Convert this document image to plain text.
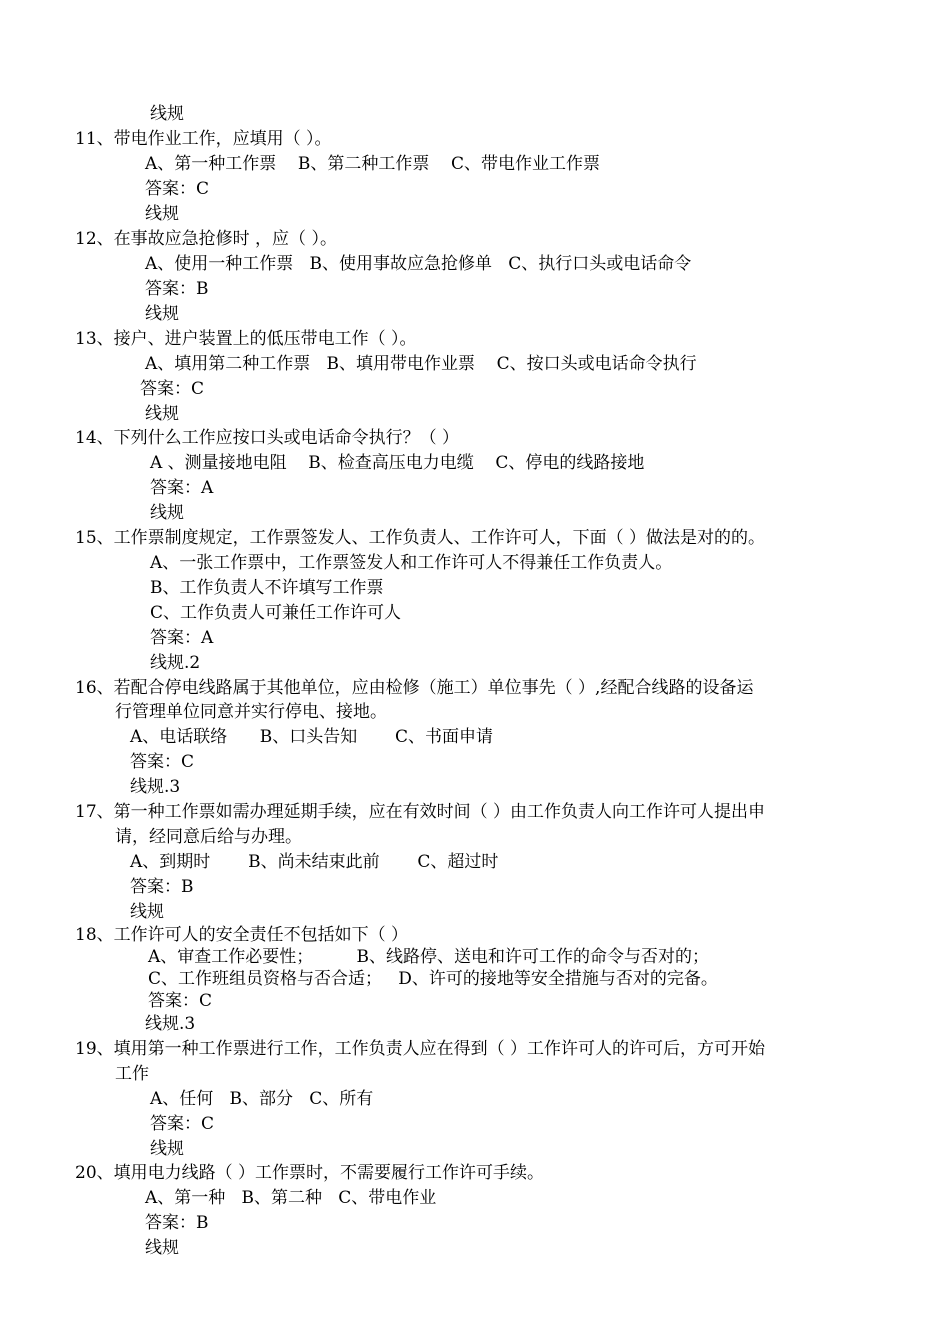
线规
11、带电作业工作，应填用（ ）。
A、第一种工作票    B、第二种工作票    C、带电作业工作票
答案：C
线规
12、在事故应急抢修时 ，应（ ）。
A、使用一种工作票   B、使用事故应急抢修单   C、执行口头或电话命令
答案：B
线规
13、接户、进户装置上的低压带电工作（ ）。
A、填用第二种工作票   B、填用带电作业票    C、按口头或电话命令执行
答案：C
线规
14、下列什么工作应按口头或电话命令执行？（ ）
A 、测量接地电阻    B、检查高压电力电缆    C、停电的线路接地
答案：A
线规
15、工作票制度规定，工作票签发人、工作负责人、工作许可人，下面（ ）做法是对的的。
A、一张工作票中，工作票签发人和工作许可人不得兼任工作负责人。
B、工作负责人不许填写工作票
C、工作负责人可兼任工作许可人
答案：A
线规.2
16、若配合停电线路属于其他单位，应由检修（施工）单位事先（ ）,经配合线路的设备运
行管理单位同意并实行停电、接地。
A、电话联络      B、口头告知       C、书面申请
答案：C
线规.3
17、第一种工作票如需办理延期手续，应在有效时间（ ）由工作负责人向工作许可人提出申
请，经同意后给与办理。
A、到期时       B、尚未结束此前       C、超过时
答案：B
线规
18、工作许可人的安全责任不包括如下（ ）
A、审查工作必要性；        B、线路停、送电和许可工作的命令与否对的；
C、工作班组员资格与否合适；   D、许可的接地等安全措施与否对的完备。
答案：C
线规.3
19、填用第一种工作票进行工作，工作负责人应在得到（ ）工作许可人的许可后，方可开始
工作
A、任何   B、部分   C、所有
答案：C
线规
20、填用电力线路（ ）工作票时，不需要履行工作许可手续。
A、第一种   B、第二种   C、带电作业
答案：B
线规
